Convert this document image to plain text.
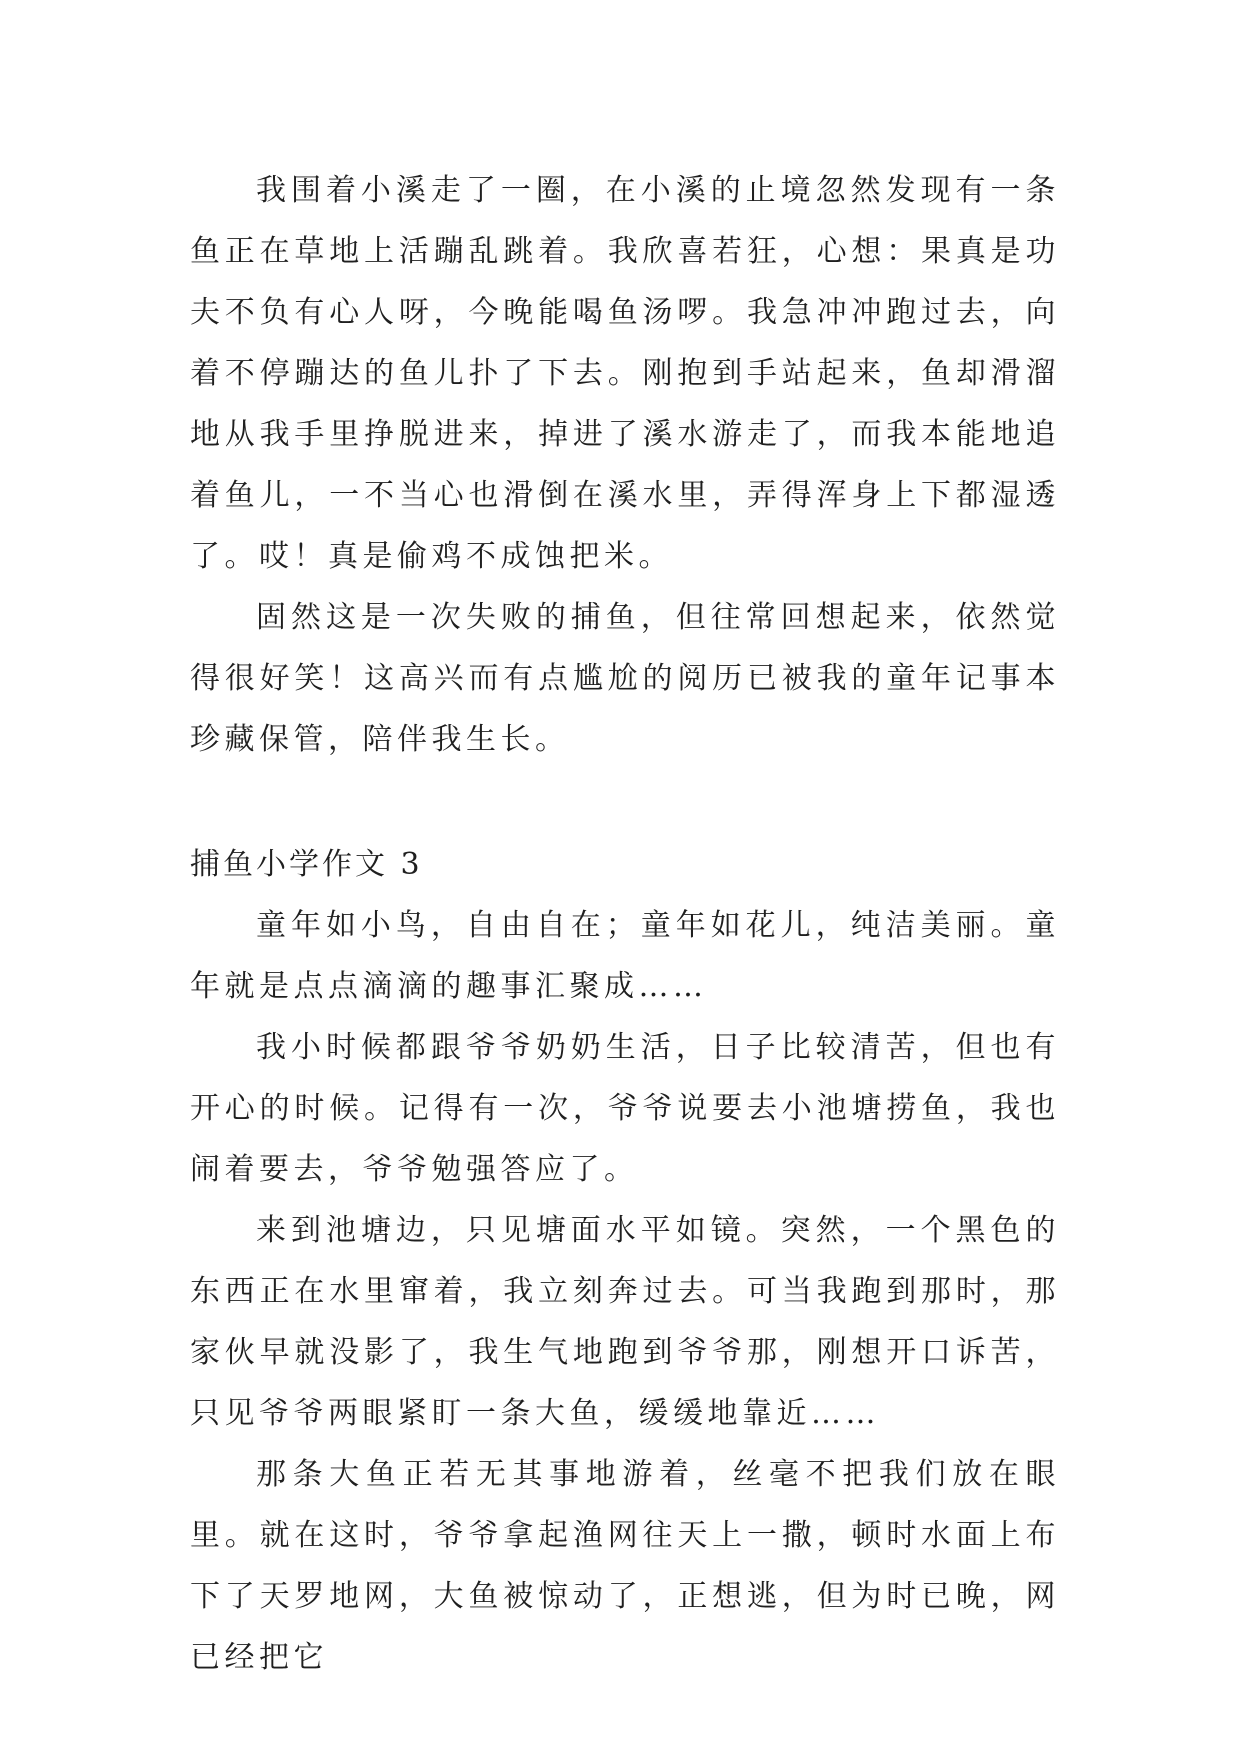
我围着小溪走了一圈，在小溪的止境忽然发现有一条鱼正在草地上活蹦乱跳着。我欣喜若狂，心想：果真是功夫不负有心人呀，今晚能喝鱼汤啰。我急冲冲跑过去，向着不停蹦达的鱼儿扑了下去。刚抱到手站起来，鱼却滑溜地从我手里挣脱进来，掉进了溪水游走了，而我本能地追着鱼儿，一不当心也滑倒在溪水里，弄得浑身上下都湿透了。哎！真是偷鸡不成蚀把米。

固然这是一次失败的捕鱼，但往常回想起来，依然觉得很好笑！这高兴而有点尴尬的阅历已被我的童年记事本珍藏保管，陪伴我生长。

捕鱼小学作文 3

童年如小鸟，自由自在；童年如花儿，纯洁美丽。童年就是点点滴滴的趣事汇聚成……

我小时候都跟爷爷奶奶生活，日子比较清苦，但也有开心的时候。记得有一次，爷爷说要去小池塘捞鱼，我也闹着要去，爷爷勉强答应了。

来到池塘边，只见塘面水平如镜。突然，一个黑色的东西正在水里窜着，我立刻奔过去。可当我跑到那时，那家伙早就没影了，我生气地跑到爷爷那，刚想开口诉苦，只见爷爷两眼紧盯一条大鱼，缓缓地靠近……

那条大鱼正若无其事地游着，丝毫不把我们放在眼里。就在这时，爷爷拿起渔网往天上一撒，顿时水面上布下了天罗地网，大鱼被惊动了，正想逃，但为时已晚，网已经把它
